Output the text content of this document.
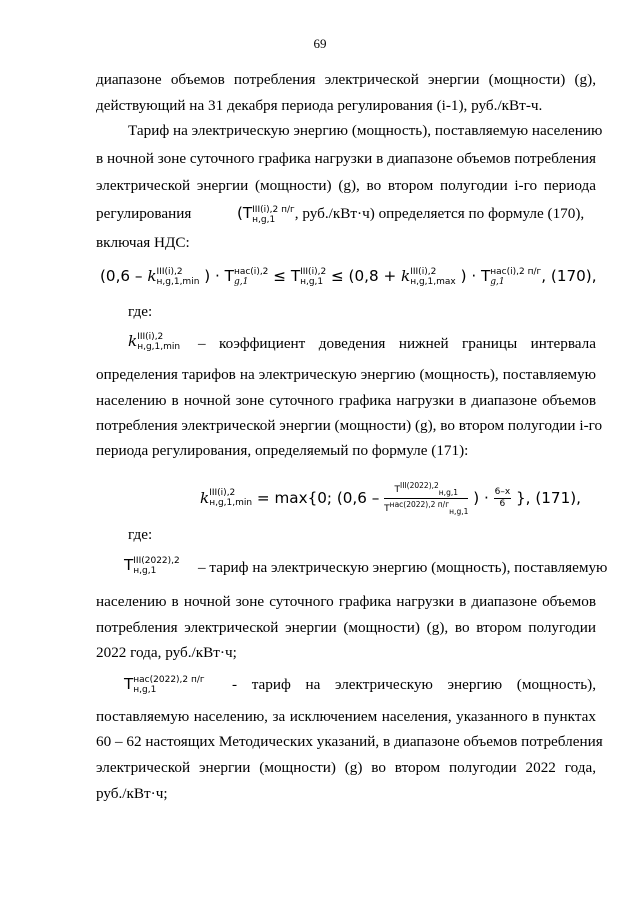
69
диапазоне объемов потребления электрической энергии (мощности) (g),
действующий на 31 декабря периода регулирования (i-1), руб./кВт-ч.
Тариф на электрическую энергию (мощность), поставляемую населению
в ночной зоне суточного графика нагрузки в диапазоне объемов потребления
электрической энергии (мощности) (g), во втором полугодии i-го периода
регулирования	(Т III(i),2 п/г
н,g,1	, руб./кВт·ч) определяется по формуле (170),
включая НДС:
(0,6 – k III(i),2
н,g,1,min ) · Т нас(i),2
g,1	≤ Т III(i),2
н,g,1 ≤ (0,8 + k III(i),2
н,g,1,max ) · Т нас(i),2 п/г
g,1	, (170),
где:
k III(i),2
н,g,1,min – коэффициент доведения нижней границы интервала
определения тарифов на электрическую энергию (мощность), поставляемую
населению в ночной зоне суточного графика нагрузки в диапазоне объемов
потребления электрической энергии (мощности) (g), во втором полугодии i-го
периода регулирования, определяемый по формуле (171):
k III(i),2
н,g,1,min = max{0; ($0,6 - \frac{Т^{III(2022),2}_{н,g,1}}{Т^{нас(2022),2 п/г}_{н,g,1}}$ ) · $\frac{6-x}{6}$ }, (171),
где:
Т III(2022),2
н,g,1	– тариф на электрическую энергию (мощность), поставляемую
населению в ночной зоне суточного графика нагрузки в диапазоне объемов
потребления электрической энергии (мощности) (g), во втором полугодии
2022 года, руб./кВт·ч;
Т нас(2022),2 п/г
н,g,1	- тариф на электрическую энергию (мощность),
поставляемую населению, за исключением населения, указанного в пунктах
60 – 62 настоящих Методических указаний, в диапазоне объемов потребления
электрической энергии (мощности) (g) во втором полугодии 2022 года,
руб./кВт·ч;
